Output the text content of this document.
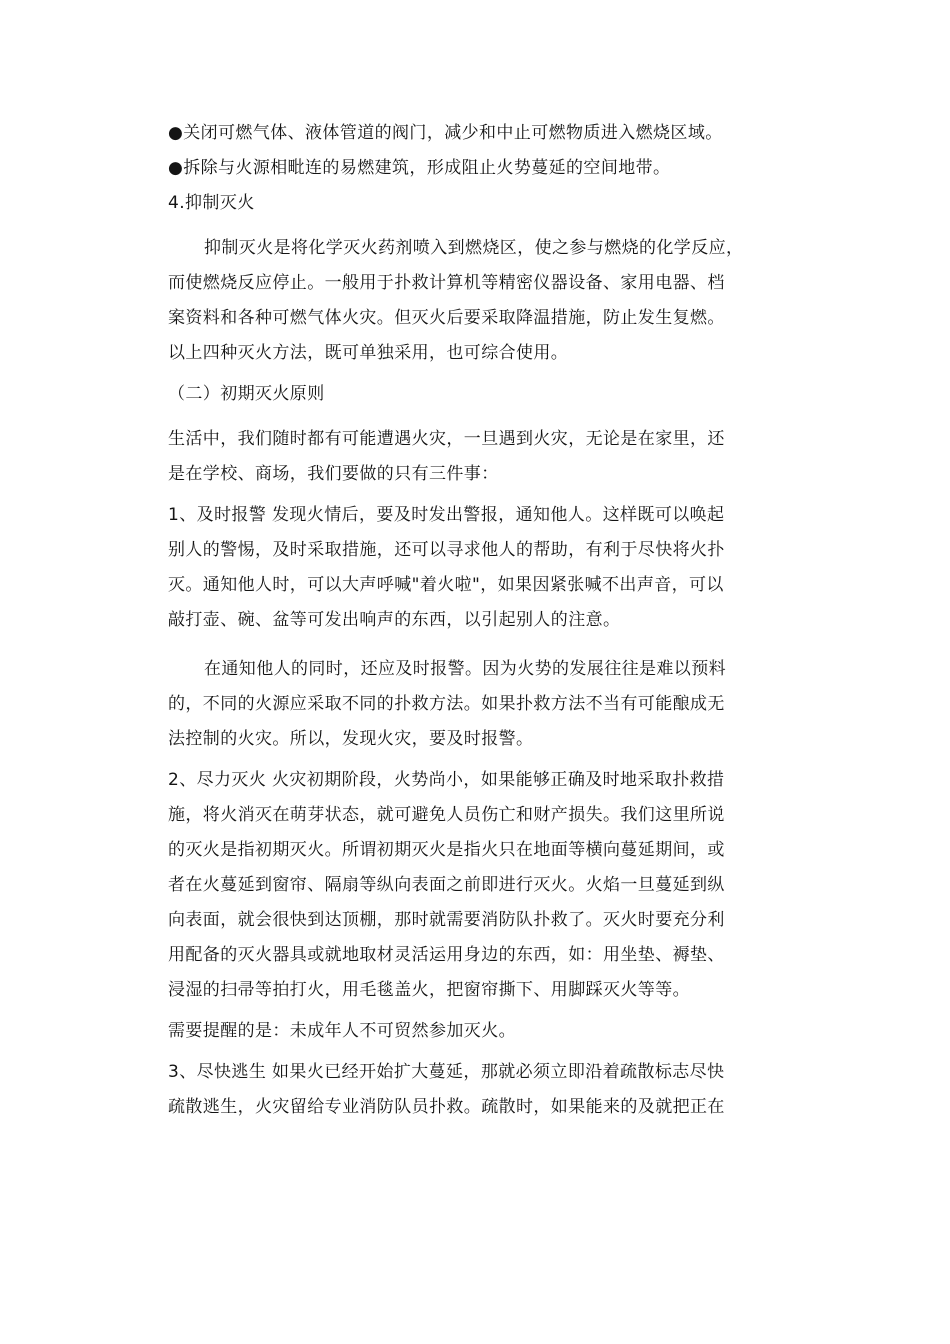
●关闭可燃气体、液体管道的阀门，减少和中止可燃物质进入燃烧区域。
●拆除与火源相毗连的易燃建筑，形成阻止火势蔓延的空间地带。
4.抑制灭火
抑制灭火是将化学灭火药剂喷入到燃烧区，使之参与燃烧的化学反应，
而使燃烧反应停止。一般用于扑救计算机等精密仪器设备、家用电器、档
案资料和各种可燃气体火灾。但灭火后要采取降温措施，防止发生复燃。
以上四种灭火方法，既可单独采用，也可综合使用。
（二）初期灭火原则
生活中，我们随时都有可能遭遇火灾，一旦遇到火灾，无论是在家里，还
是在学校、商场，我们要做的只有三件事：
1、及时报警 发现火情后，要及时发出警报，通知他人。这样既可以唤起
别人的警惕，及时采取措施，还可以寻求他人的帮助，有利于尽快将火扑
灭。通知他人时，可以大声呼喊"着火啦"，如果因紧张喊不出声音，可以
敲打壶、碗、盆等可发出响声的东西，以引起别人的注意。
在通知他人的同时，还应及时报警。因为火势的发展往往是难以预料
的，不同的火源应采取不同的扑救方法。如果扑救方法不当有可能酿成无
法控制的火灾。所以，发现火灾，要及时报警。
2、尽力灭火 火灾初期阶段，火势尚小，如果能够正确及时地采取扑救措
施，将火消灭在萌芽状态，就可避免人员伤亡和财产损失。我们这里所说
的灭火是指初期灭火。所谓初期灭火是指火只在地面等横向蔓延期间，或
者在火蔓延到窗帘、隔扇等纵向表面之前即进行灭火。火焰一旦蔓延到纵
向表面，就会很快到达顶棚，那时就需要消防队扑救了。灭火时要充分利
用配备的灭火器具或就地取材灵活运用身边的东西，如：用坐垫、褥垫、
浸湿的扫帚等拍打火，用毛毯盖火，把窗帘撕下、用脚踩灭火等等。
需要提醒的是：未成年人不可贸然参加灭火。
3、尽快逃生 如果火已经开始扩大蔓延，那就必须立即沿着疏散标志尽快
疏散逃生，火灾留给专业消防队员扑救。疏散时，如果能来的及就把正在
